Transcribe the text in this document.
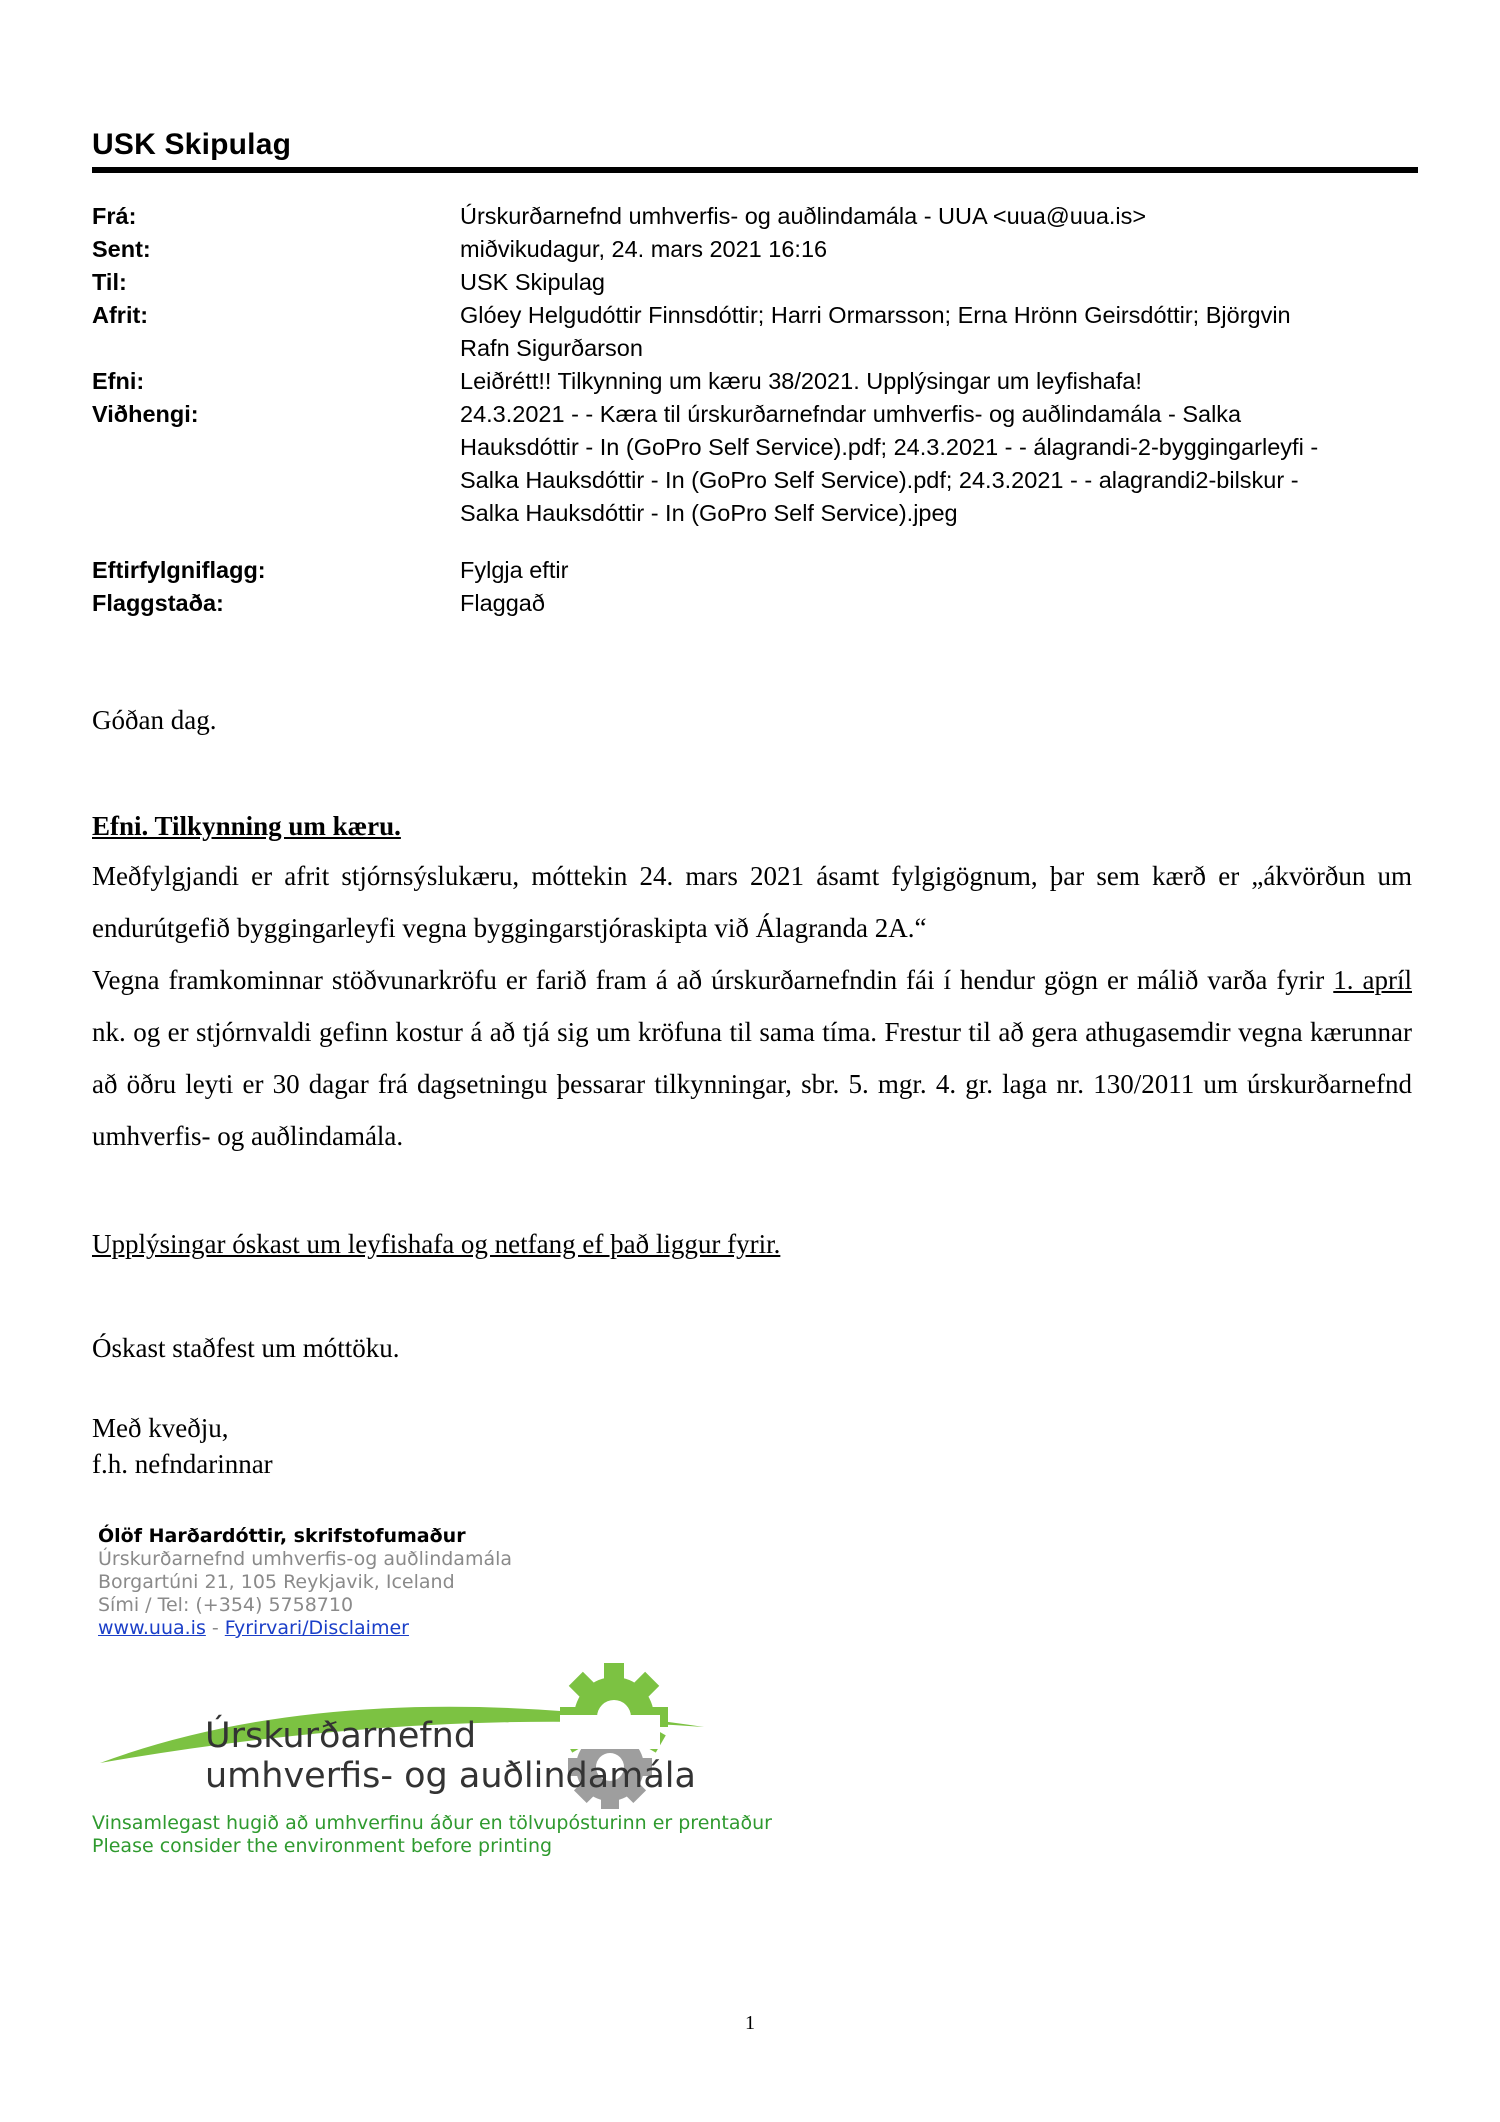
USK Skipulag
Frá:	Úrskurðarnefnd umhverfis- og auðlindamála - UUA <uua@uua.is>
Sent:	miðvikudagur, 24. mars 2021 16:16
Til:	USK Skipulag
Afrit:	Glóey Helgudóttir Finnsdóttir; Harri Ormarsson; Erna Hrönn Geirsdóttir; Björgvin
Rafn Sigurðarson
Efni:	Leiðrétt!! Tilkynning um kæru 38/2021. Upplýsingar um leyfishafa!
Viðhengi:	24.3.2021 - - Kæra til úrskurðarnefndar umhverfis- og auðlindamála - Salka
Hauksdóttir - In (GoPro Self Service).pdf; 24.3.2021 - - álagrandi-2-byggingarleyfi -
Salka Hauksdóttir - In (GoPro Self Service).pdf; 24.3.2021 - - alagrandi2-bilskur -
Salka Hauksdóttir - In (GoPro Self Service).jpeg
Eftirfylgniflagg:	Fylgja eftir
Flaggstaða:	Flaggað
Góðan dag.
Efni. Tilkynning um kæru.
Meðfylgjandi er afrit stjórnsýslukæru, móttekin 24. mars 2021 ásamt fylgigögnum, þar sem kærð er „ákvörðun um endurútgefið byggingarleyfi vegna byggingarstjóraskipta við Álagranda 2A.“
Vegna framkominnar stöðvunarkröfu er farið fram á að úrskurðarnefndin fái í hendur gögn er málið varða fyrir 1. apríl nk. og er stjórnvaldi gefinn kostur á að tjá sig um kröfuna til sama tíma. Frestur til að gera athugasemdir vegna kærunnar að öðru leyti er 30 dagar frá dagsetningu þessarar tilkynningar, sbr. 5. mgr. 4. gr. laga nr. 130/2011 um úrskurðarnefnd umhverfis- og auðlindamála.
Upplýsingar óskast um leyfishafa og netfang ef það liggur fyrir.
Óskast staðfest um móttöku.
Með kveðju,
f.h. nefndarinnar
Ólöf Harðardóttir, skrifstofumaður
Úrskurðarnefnd umhverfis-og auðlindamála
Borgartúni 21, 105 Reykjavik, Iceland
Sími / Tel: (+354) 5758710
www.uua.is - Fyrirvari/Disclaimer
Úrskurðarnefnd
umhverfis- og auðlindamála
Vinsamlegast hugið að umhverfinu áður en tölvupósturinn er prentaður
Please consider the environment before printing
1
